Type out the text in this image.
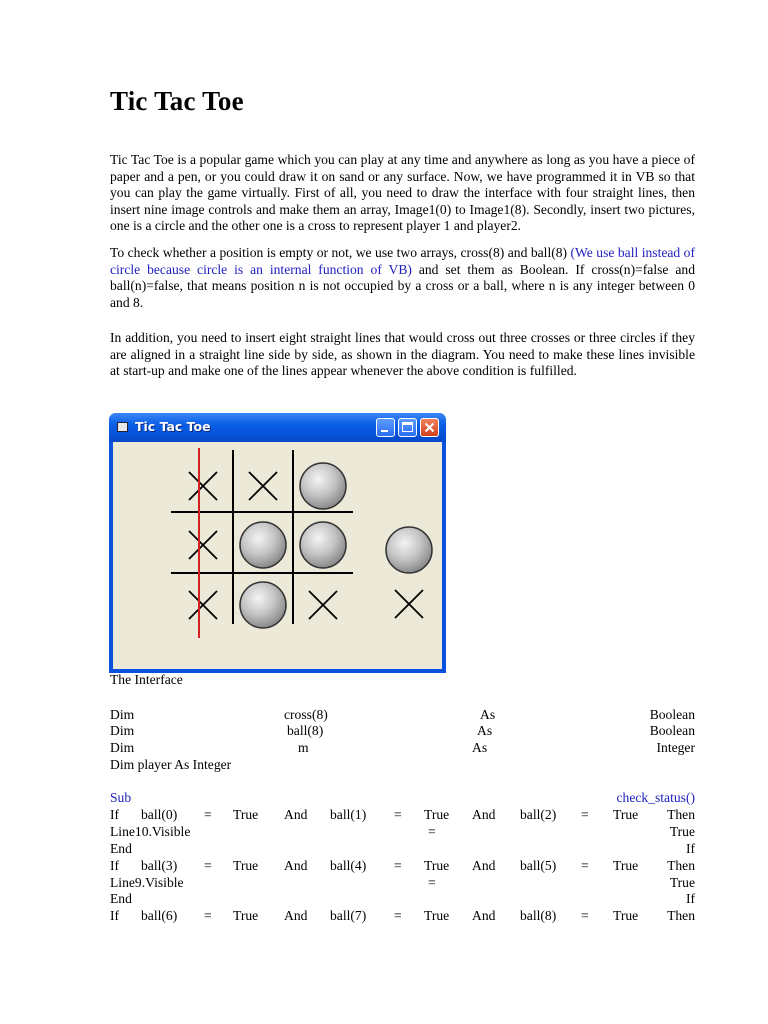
Tic Tac Toe

Tic Tac Toe is a popular game which you can play at any time and anywhere as long as you have a piece of paper and a pen, or you could draw it on sand or any surface. Now, we have programmed it in VB so that you can play the game virtually. First of all, you need to draw the interface with four straight lines, then insert nine image controls and make them an array, Image1(0) to Image1(8). Secondly, insert two pictures, one is a circle and the other one is a cross to represent player 1 and player2.

To check whether a position is empty or not, we use two arrays, cross(8) and ball(8) (We use ball instead of circle because circle is an internal function of VB) and set them as Boolean. If cross(n)=false and ball(n)=false, that means position n is not occupied by a cross or a ball, where n is any integer between 0 and 8.

In addition, you need to insert eight straight lines that would cross out three crosses or three circles if they are aligned in a straight line side by side, as shown in the diagram. You need to make these lines invisible at start-up and make one of the lines appear whenever the above condition is fulfilled.

Tic Tac Toe

The Interface

Dim	cross(8)	As	Boolean
Dim	ball(8)	As	Boolean
Dim	m	As	Integer
Dim player As Integer
Sub	check_status()
If ball(0) = True And ball(1) = True And ball(2) = True Then
Line10.Visible	=	True
End	If
If ball(3) = True And ball(4) = True And ball(5) = True Then
Line9.Visible	=	True
End	If
If ball(6) = True And ball(7) = True And ball(8) = True Then
